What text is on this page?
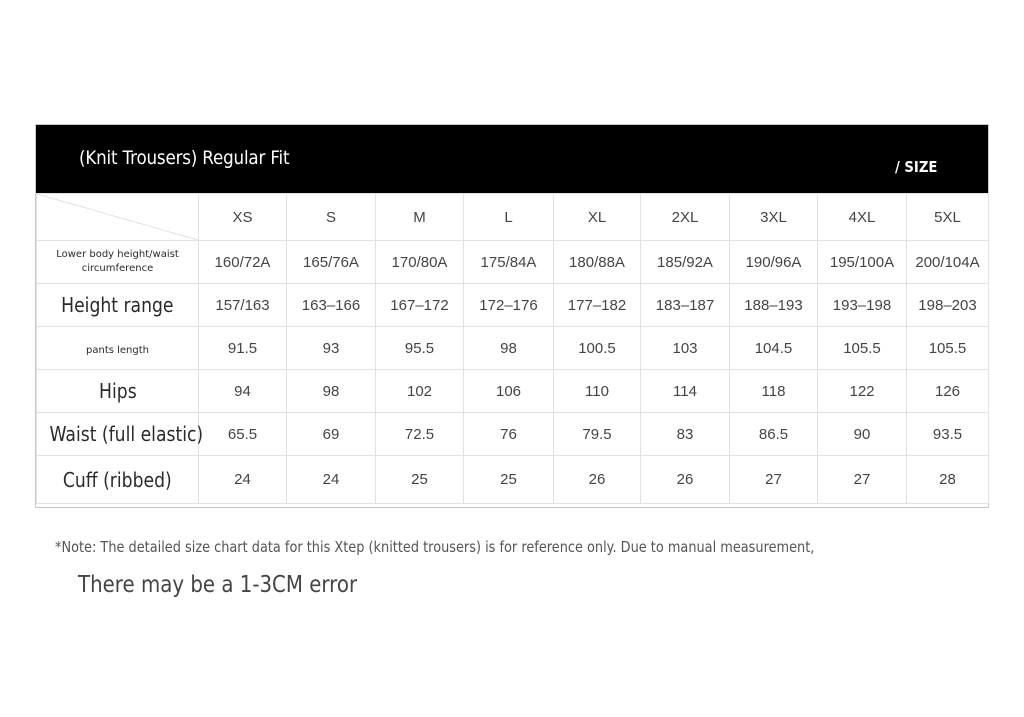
(Knit Trousers) Regular Fit	/ SIZE
	XS	S	M	L	XL	2XL	3XL	4XL	5XL

Lower body height/waist circumference	160/72A	165/76A	170/80A	175/84A	180/88A	185/92A	190/96A	195/100A	200/104A
Height range	157/163	163–166	167–172	172–176	177–182	183–187	188–193	193–198	198–203
pants length	91.5	93	95.5	98	100.5	103	104.5	105.5	105.5
Hips	94	98	102	106	110	114	118	122	126
Waist (full elastic)	65.5	69	72.5	76	79.5	83	86.5	90	93.5
Cuff (ribbed)	24	24	25	25	26	26	27	27	28
*Note: The detailed size chart data for this Xtep (knitted trousers) is for reference only. Due to manual measurement,
There may be a 1-3CM error
